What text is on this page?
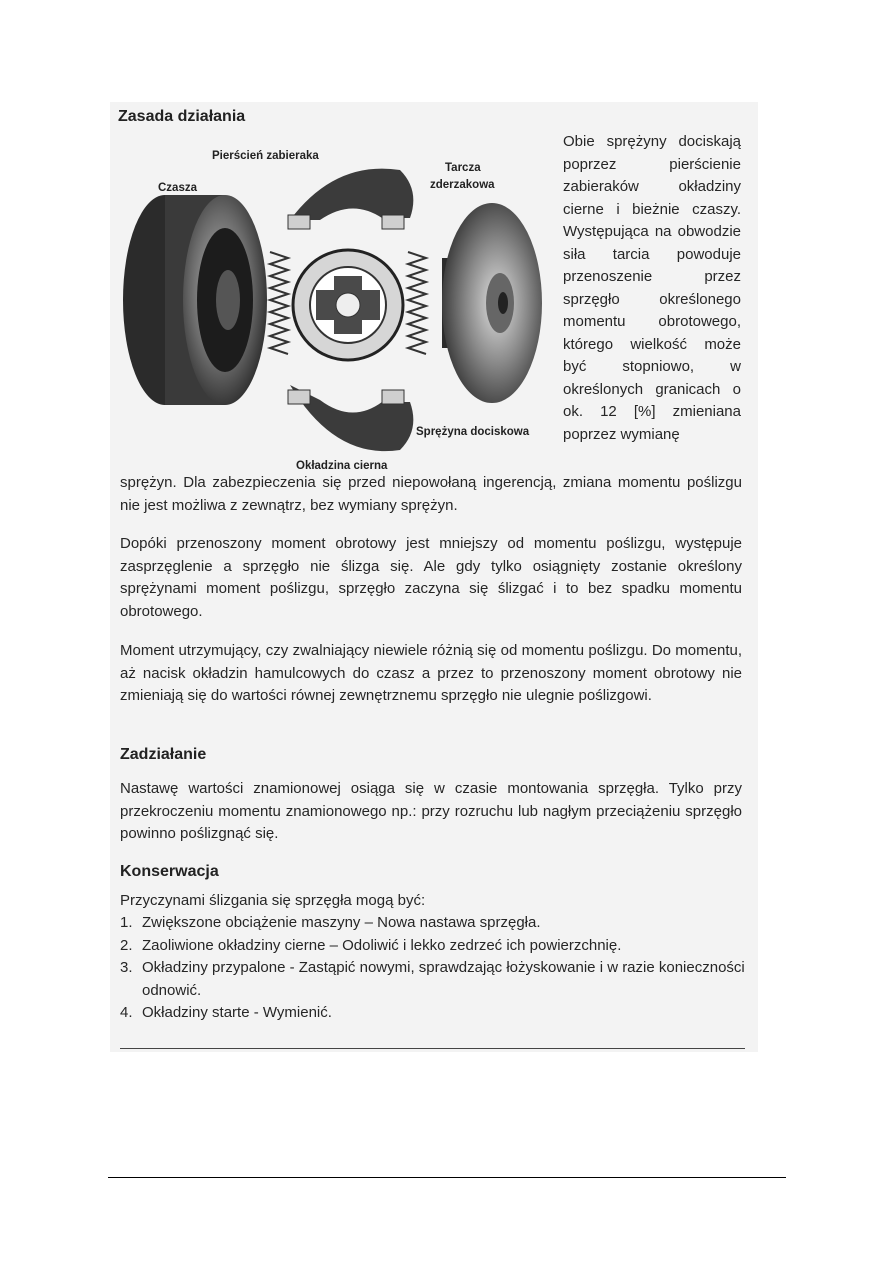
Zasada działania
Pierścień zabieraka
Czasza
Tarcza
zderzakowa
Sprężyna dociskowa
Okładzina cierna
Obie sprężyny dociskają poprzez pierścienie zabieraków okładziny cierne i bieżnie czaszy. Występująca na obwodzie siła tarcia powoduje przenoszenie przez sprzęgło określonego momentu obrotowego, którego wielkość może być stopniowo, w określonych granicach o ok. 12 [%] zmieniana poprzez wymianę
sprężyn. Dla zabezpieczenia się przed niepowołaną ingerencją, zmiana momentu poślizgu nie jest możliwa z zewnątrz, bez wymiany sprężyn.
Dopóki przenoszony moment obrotowy jest mniejszy od momentu poślizgu, występuje zasprzęglenie a sprzęgło nie ślizga się. Ale gdy tylko osiągnięty zostanie określony sprężynami moment poślizgu, sprzęgło zaczyna się ślizgać i to bez spadku momentu obrotowego.
Moment utrzymujący, czy zwalniający niewiele różnią się od momentu poślizgu. Do momentu, aż nacisk okładzin hamulcowych do czasz a przez to przenoszony moment obrotowy nie zmieniają się do wartości równej zewnętrznemu sprzęgło nie ulegnie poślizgowi.
Zadziałanie
Nastawę wartości znamionowej osiąga się w czasie montowania sprzęgła. Tylko przy przekroczeniu momentu znamionowego np.: przy rozruchu lub nagłym przeciążeniu sprzęgło powinno poślizgnąć się.
Konserwacja
Przyczynami ślizgania się sprzęgła mogą być:
1. Zwiększone obciążenie maszyny – Nowa nastawa sprzęgła.
2. Zaoliwione okładziny cierne – Odoliwić i lekko zedrzeć ich powierzchnię.
3. Okładziny przypalone - Zastąpić nowymi, sprawdzając łożyskowanie i w razie konieczności odnowić.
4. Okładziny starte - Wymienić.
